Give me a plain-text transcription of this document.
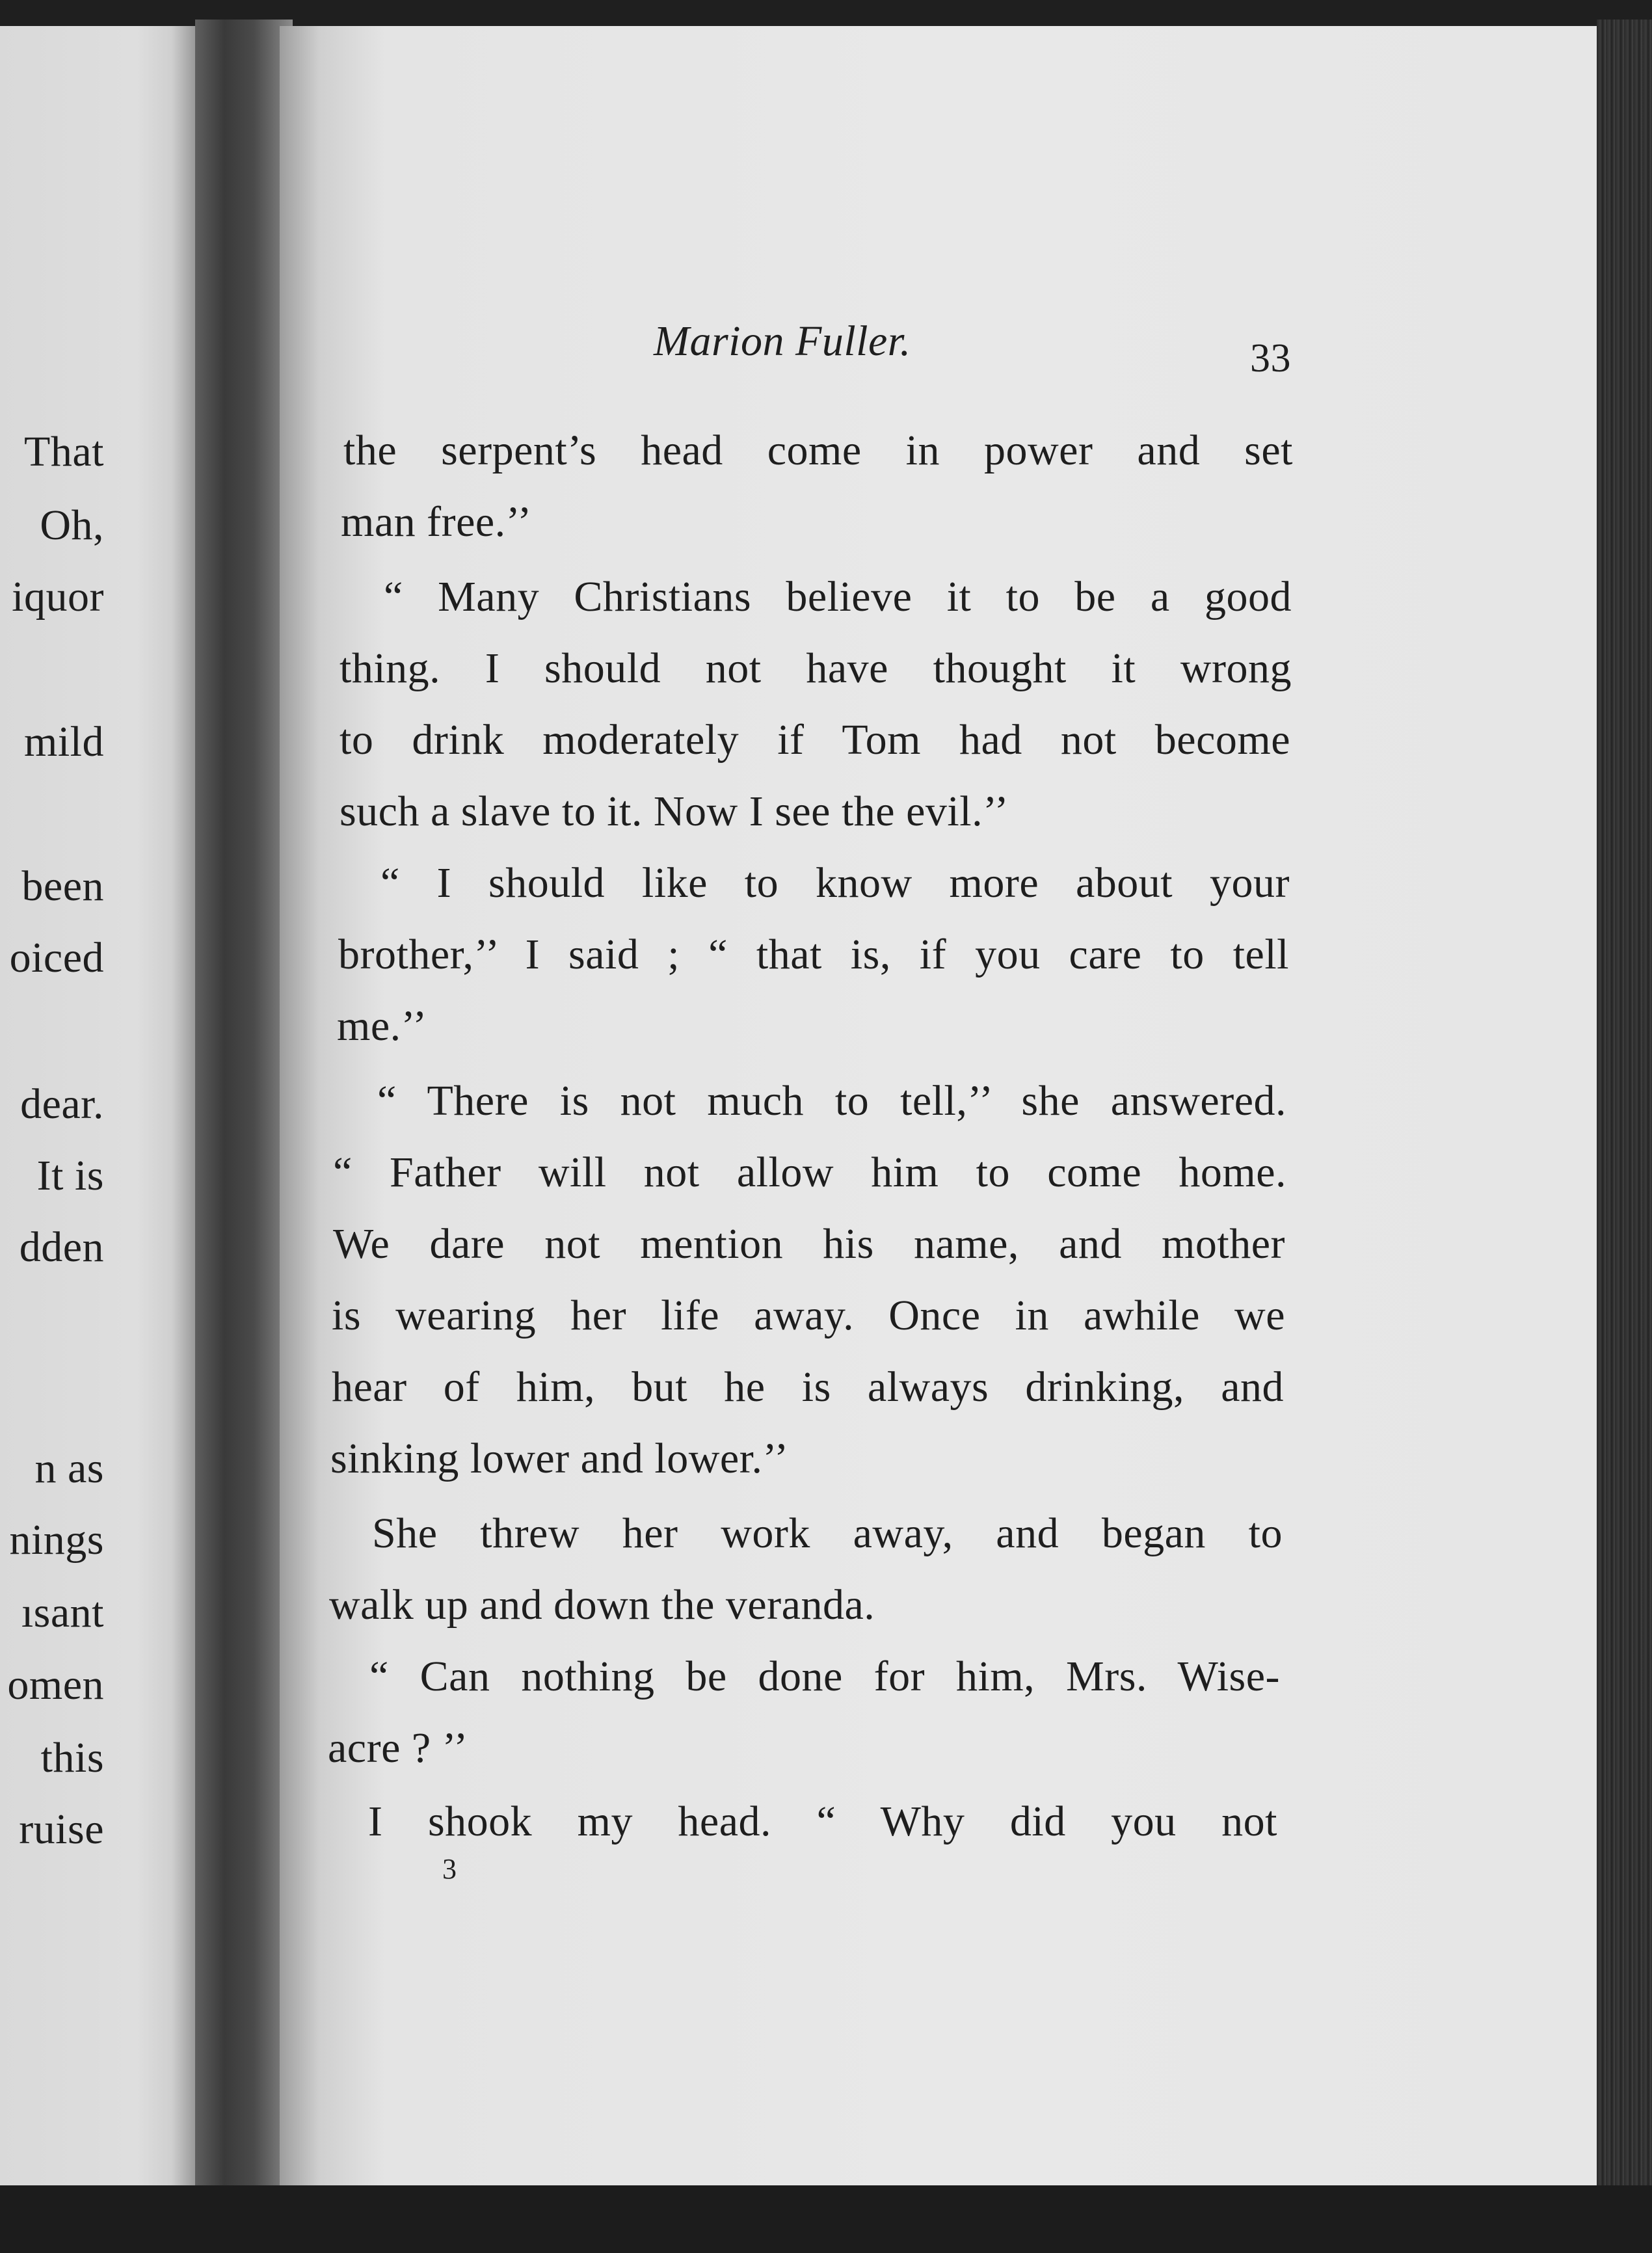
That
Oh,
iquor
mild
been
oiced
dear.
It is
dden
n as
nings
ısant
omen
this
ruise
Marion Fuller.	33
the serpent’s head come in power and set
man free.’’
“ Many Christians believe it to be a good
thing. I should not have thought it wrong
to drink moderately if Tom had not become
such a slave to it. Now I see the evil.’’
“ I should like to know more about your
brother,’’ I said ; “ that is, if you care to tell
me.’’
“ There is not much to tell,’’ she answered.
“ Father will not allow him to come home.
We dare not mention his name, and mother
is wearing her life away. Once in awhile we
hear of him, but he is always drinking, and
sinking lower and lower.’’
She threw her work away, and began to
walk up and down the veranda.
“ Can nothing be done for him, Mrs. Wise-
acre ? ’’
I shook my head. “ Why did you not
3
